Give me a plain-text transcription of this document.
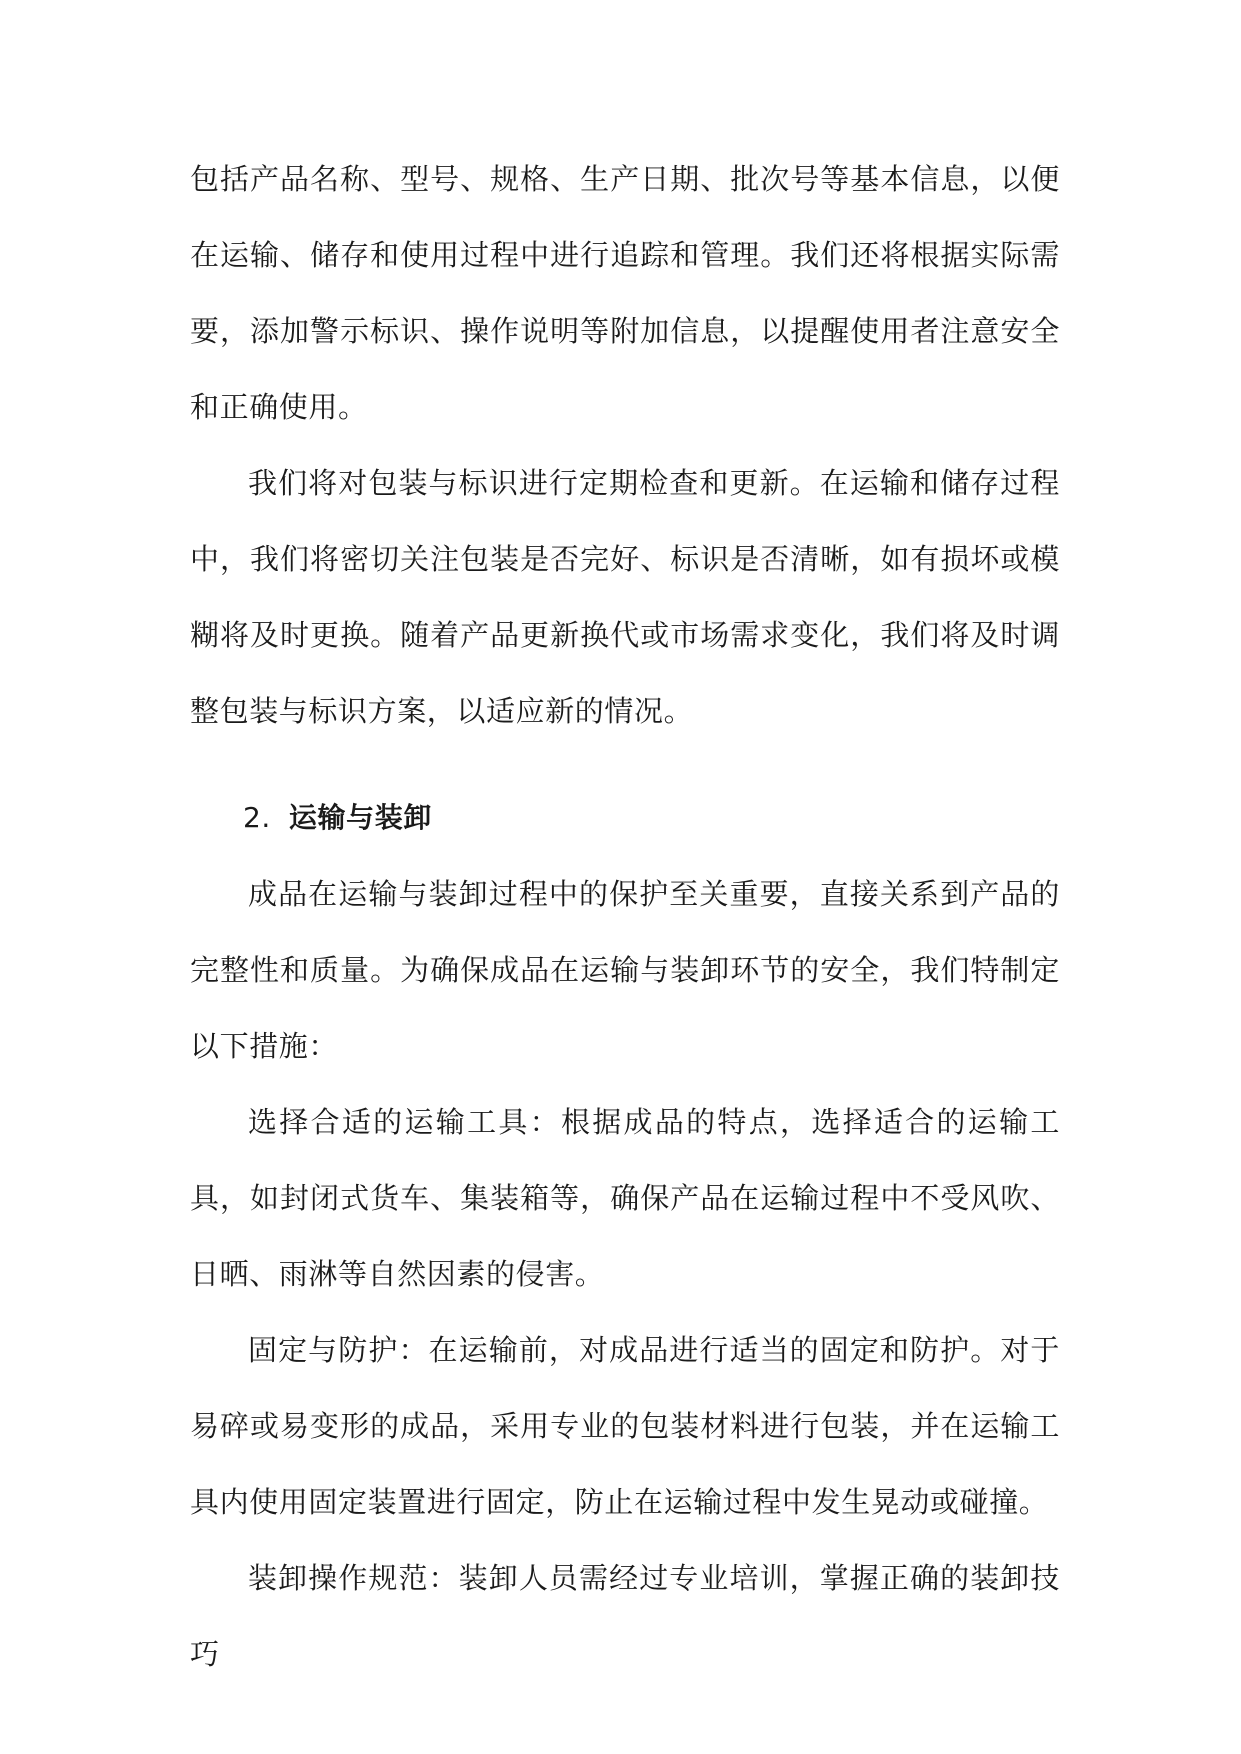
包括产品名称、型号、规格、生产日期、批次号等基本信息，以便在运输、储存和使用过程中进行追踪和管理。我们还将根据实际需要，添加警示标识、操作说明等附加信息，以提醒使用者注意安全和正确使用。

我们将对包装与标识进行定期检查和更新。在运输和储存过程中，我们将密切关注包装是否完好、标识是否清晰，如有损坏或模糊将及时更换。随着产品更新换代或市场需求变化，我们将及时调整包装与标识方案，以适应新的情况。

2. 运输与装卸

成品在运输与装卸过程中的保护至关重要，直接关系到产品的完整性和质量。为确保成品在运输与装卸环节的安全，我们特制定以下措施：

选择合适的运输工具：根据成品的特点，选择适合的运输工具，如封闭式货车、集装箱等，确保产品在运输过程中不受风吹、日晒、雨淋等自然因素的侵害。

固定与防护：在运输前，对成品进行适当的固定和防护。对于易碎或易变形的成品，采用专业的包装材料进行包装，并在运输工具内使用固定装置进行固定，防止在运输过程中发生晃动或碰撞。

装卸操作规范：装卸人员需经过专业培训，掌握正确的装卸技巧
